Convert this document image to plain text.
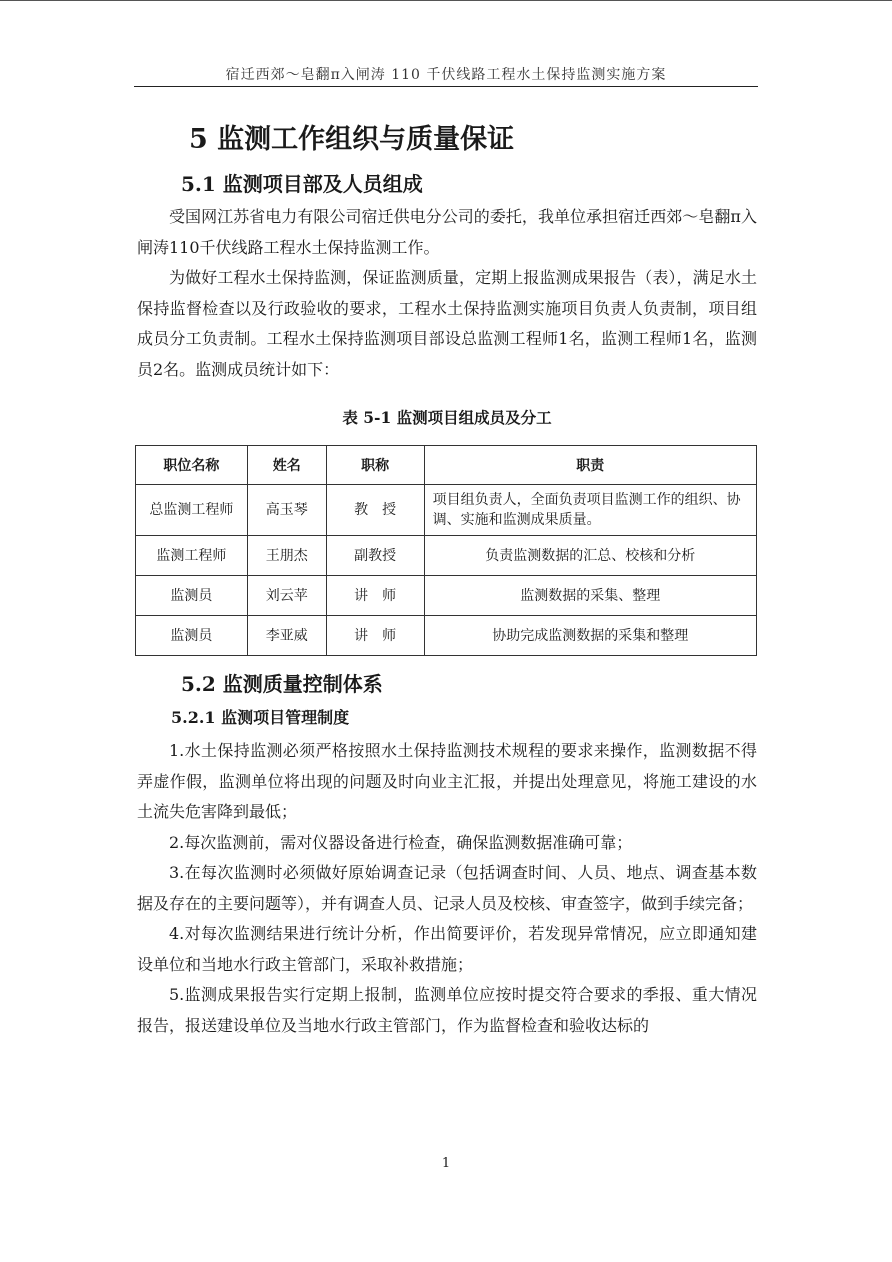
宿迁西郊～皂翻π入闸涛 110 千伏线路工程水土保持监测实施方案
5 监测工作组织与质量保证
5.1 监测项目部及人员组成

受国网江苏省电力有限公司宿迁供电分公司的委托，我单位承担宿迁西郊～皂翻π入闸涛110千伏线路工程水土保持监测工作。

为做好工程水土保持监测，保证监测质量，定期上报监测成果报告（表），满足水土保持监督检查以及行政验收的要求，工程水土保持监测实施项目负责人负责制，项目组成员分工负责制。工程水土保持监测项目部设总监测工程师1名，监测工程师1名，监测员2名。监测成员统计如下：

表 5-1 监测项目组成员及分工
职位名称	姓名	职称	职责
总监测工程师	高玉琴	教　授	项目组负责人，全面负责项目监测工作的组织、协调、实施和监测成果质量。
监测工程师	王朋杰	副教授	负责监测数据的汇总、校核和分析
监测员	刘云苹	讲　师	监测数据的采集、整理
监测员	李亚威	讲　师	协助完成监测数据的采集和整理
5.2 监测质量控制体系
5.2.1 监测项目管理制度

1.水土保持监测必须严格按照水土保持监测技术规程的要求来操作，监测数据不得弄虚作假，监测单位将出现的问题及时向业主汇报，并提出处理意见，将施工建设的水土流失危害降到最低；

2.每次监测前，需对仪器设备进行检查，确保监测数据准确可靠；

3.在每次监测时必须做好原始调查记录（包括调查时间、人员、地点、调查基本数据及存在的主要问题等），并有调查人员、记录人员及校核、审查签字，做到手续完备；

4.对每次监测结果进行统计分析，作出简要评价，若发现异常情况，应立即通知建设单位和当地水行政主管部门，采取补救措施；

5.监测成果报告实行定期上报制，监测单位应按时提交符合要求的季报、重大情况报告，报送建设单位及当地水行政主管部门，作为监督检查和验收达标的

1
